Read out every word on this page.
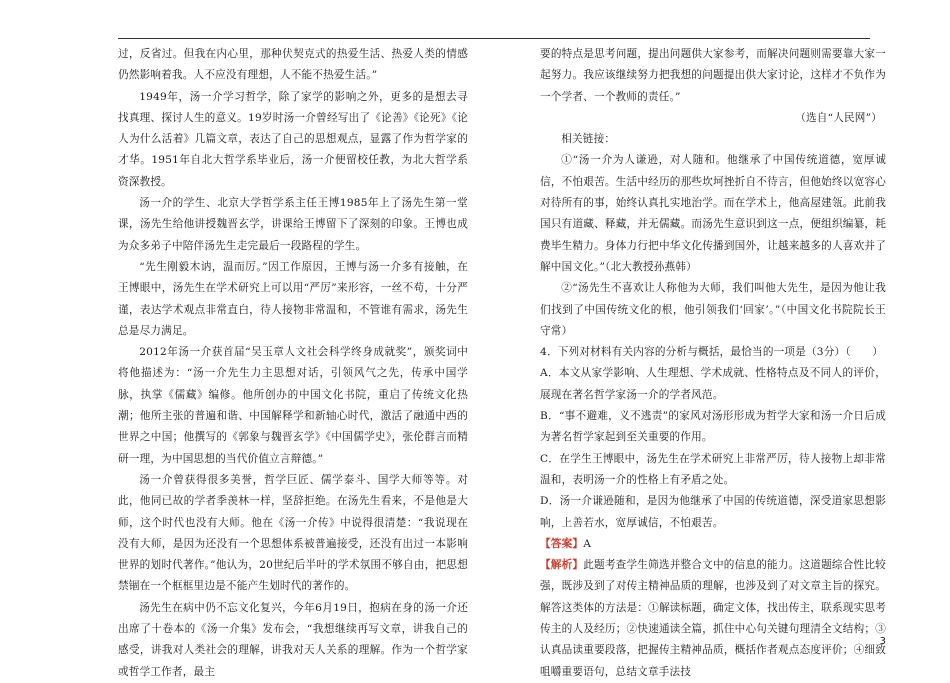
过，反省过。但我在内心里，那种伏契克式的热爱生活、热爱人类的情感仍然影响着我。人不应没有理想，人不能不热爱生活。”

1949年，汤一介学习哲学，除了家学的影响之外，更多的是想去寻找真理、探讨人生的意义。19岁时汤一介曾经写出了《论善》《论死》《论人为什么活着》几篇文章，表达了自己的思想观点，显露了作为哲学家的才华。1951年自北大哲学系毕业后，汤一介便留校任教，为北大哲学系资深教授。

汤一介的学生、北京大学哲学系主任王博1985年上了汤先生第一堂课，汤先生给他讲授魏晋玄学，讲课给王博留下了深刻的印象。王博也成为众多弟子中陪伴汤先生走完最后一段路程的学生。

“先生刚毅木讷，温而厉。”因工作原因，王博与汤一介多有接触，在王博眼中，汤先生在学术研究上可以用“严厉”来形容，一丝不苟，十分严谨，表达学术观点非常直白，待人接物非常温和，不管谁有需求，汤先生总是尽力满足。

2012年汤一介获首届“吴玉章人文社会科学终身成就奖”，颁奖词中将他描述为：“汤一介先生力主思想对话，引领风气之先，传承中国学脉，执掌《儒藏》编修。他所创办的中国文化书院，重启了传统文化热潮；他所主张的普遍和谐、中国解释学和新轴心时代，激活了融通中西的世界之中国；他撰写的《郭象与魏晋玄学》《中国儒学史》，张伦群言而精研一理，为中国思想的当代价值立言辩德。”

汤一介曾获得很多美誉，哲学巨匠、儒学泰斗、国学大师等等。对此，他同已故的学者季羡林一样，坚辞拒绝。在汤先生看来，不是他是大师，这个时代也没有大师。他在《汤一介传》中说得很清楚：“我说现在没有大师，是因为还没有一个思想体系被普遍接受，还没有出过一本影响世界的划时代著作。”他认为，20世纪后半叶的学术氛围不够自由，把思想禁锢在一个框框里边是不能产生划时代的著作的。

汤先生在病中仍不忘文化复兴，今年6月19日，抱病在身的汤一介还出席了十卷本的《汤一介集》发布会，“我想继续再写文章，讲我自己的感受，讲我对人类社会的理解，讲我对天人关系的理解。作为一个哲学家或哲学工作者，最主

要的特点是思考问题，提出问题供大家参考，而解决问题则需要靠大家一起努力。我应该继续努力把我想的问题提出供大家讨论，这样才不负作为一个学者、一个教师的责任。”

（选自“人民网”）

相关链接：

①“汤一介为人谦逊，对人随和。他继承了中国传统道德，宽厚诚信，不怕艰苦。生活中经历的那些坎坷挫折自不待言，但他始终以宽容心对待所有的事，始终认真扎实地治学。而在学术上，他高屋建瓴。此前我国只有道藏、释藏，并无儒藏。而汤先生意识到这一点，便组织编纂，耗费毕生精力。身体力行把中华文化传播到国外，让越来越多的人喜欢并了解中国文化。”（北大教授孙燕韩）

②“汤先生不喜欢让人称他为大师，我们叫他大先生，是因为他让我们找到了中国传统文化的根，他引领我们‘回家’。”（中国文化书院院长王守常）

4．下列对材料有关内容的分析与概括，最恰当的一项是（3分）（　　）

A．本文从家学影响、人生理想、学术成就、性格特点及不同人的评价，展现在著名哲学家汤一介的学者风范。

B．“事不避难，义不逃责”的家风对汤形形成为哲学大家和汤一介日后成为著名哲学家起到至关重要的作用。

C．在学生王博眼中，汤先生在学术研究上非常严厉，待人接物上却非常温和，表明汤一介的性格上有矛盾之处。

D．汤一介谦逊随和，是因为他继承了中国的传统道德，深受道家思想影响，上善若水，宽厚诚信，不怕艰苦。

【答案】A

【解析】此题考查学生筛选并整合文中的信息的能力。这道题综合性比较强，既涉及到了对传主精神品质的理解，也涉及到了对文章主旨的探究。解答这类体的方法是：①解读标题，确定文体，找出传主，联系现实思考传主的人及经历；②快速通读全篇，抓住中心句关键句理清全文结构；③认真品读重要段落，把握传主精神品质，概括作者观点态度评价；④细致咀嚼重要语句，总结文章手法技

3
